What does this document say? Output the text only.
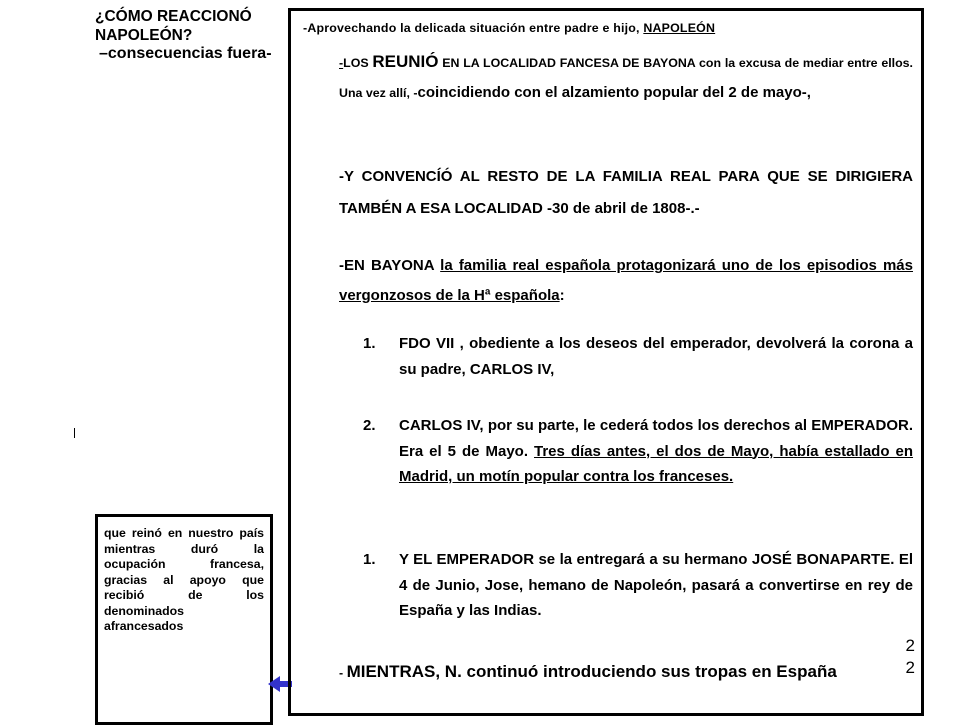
¿CÓMO REACCIONÓ NAPOLEÓN?
–consecuencias fuera-

que reinó en nuestro país mientras duró la ocupación francesa, gracias al apoyo que recibió de los denominados afrancesados

-Aprovechando la delicada situación entre padre e hijo, NAPOLEÓN
-LOS REUNIÓ EN LA LOCALIDAD FANCESA DE BAYONA con la excusa de mediar entre ellos. Una vez allí, -coincidiendo con el alzamiento popular del 2 de mayo-,
-Y CONVENCÍÓ AL RESTO DE LA FAMILIA REAL PARA QUE SE DIRIGIERA TAMBÉN A ESA LOCALIDAD -30 de abril de 1808-.-
-EN BAYONA la familia real española protagonizará uno de los episodios más vergonzosos de la Hª española:
1. FDO VII , obediente a los deseos del emperador, devolverá la corona a su padre, CARLOS IV,
2. CARLOS IV, por su parte, le cederá todos los derechos al EMPERADOR. Era el 5 de Mayo. Tres días antes, el dos de Mayo, había estallado en Madrid, un motín popular contra los franceses.
1. Y EL EMPERADOR se la entregará a su hermano JOSÉ BONAPARTE. El 4 de Junio, Jose, hemano de Napoleón, pasará a convertirse en rey de España y las Indias.
- MIENTRAS, N. continuó introduciendo sus tropas en España
2
2
